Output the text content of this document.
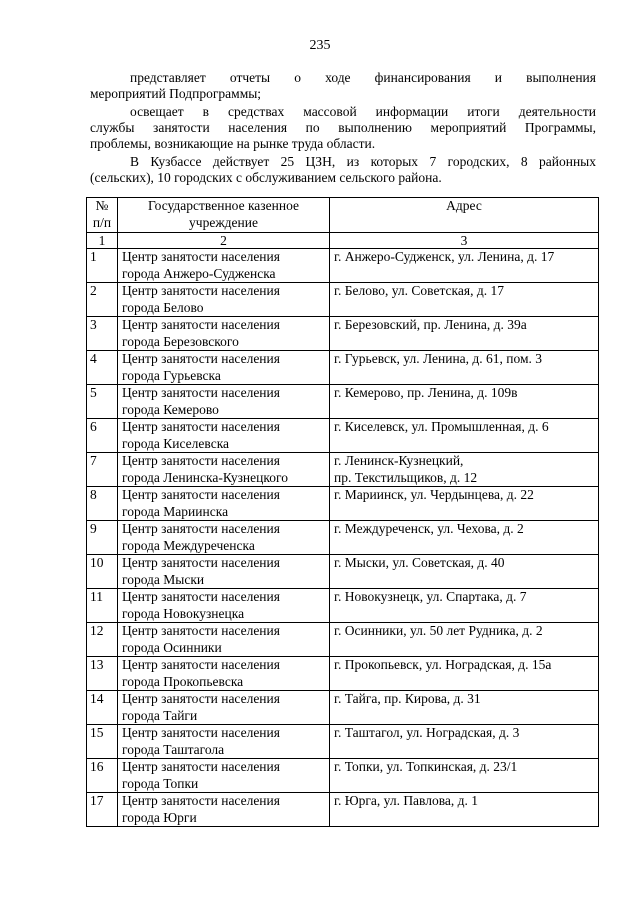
235

представляет отчеты о ходе финансирования и выполнения
мероприятий Подпрограммы;

освещает в средствах массовой информации итоги деятельности
службы занятости населения по выполнению мероприятий Программы,
проблемы, возникающие на рынке труда области.

В Кузбассе действует 25 ЦЗН, из которых 7 городских, 8 районных
(сельских), 10 городских с обслуживанием сельского района.

№
п/п	Государственное казенное
учреждение	Адрес

1	2	3
1	Центр занятости населения
города Анжеро-Судженска	г. Анжеро-Судженск, ул. Ленина, д. 17

2	Центр занятости населения
города Белово	г. Белово, ул. Советская, д. 17

3	Центр занятости населения
города Березовского	г. Березовский, пр. Ленина, д. 39а

4	Центр занятости населения
города Гурьевска	г. Гурьевск, ул. Ленина, д. 61, пом. 3

5	Центр занятости населения
города Кемерово	г. Кемерово, пр. Ленина, д. 109в

6	Центр занятости населения
города Киселевска	г. Киселевск, ул. Промышленная, д. 6

7	Центр занятости населения
города Ленинска-Кузнецкого	г. Ленинск-Кузнецкий,
пр. Текстильщиков, д. 12

8	Центр занятости населения
города Мариинска	г. Мариинск, ул. Чердынцева, д. 22

9	Центр занятости населения
города Междуреченска	г. Междуреченск, ул. Чехова, д. 2

10	Центр занятости населения
города Мыски	г. Мыски, ул. Советская, д. 40

11	Центр занятости населения
города Новокузнецка	г. Новокузнецк, ул. Спартака, д. 7

12	Центр занятости населения
города Осинники	г. Осинники, ул. 50 лет Рудника, д. 2

13	Центр занятости населения
города Прокопьевска	г. Прокопьевск, ул. Ноградская, д. 15а

14	Центр занятости населения
города Тайги	г. Тайга, пр. Кирова, д. 31

15	Центр занятости населения
города Таштагола	г. Таштагол, ул. Ноградская, д. 3

16	Центр занятости населения
города Топки	г. Топки, ул. Топкинская, д. 23/1

17	Центр занятости населения
города Юрги	г. Юрга, ул. Павлова, д. 1
